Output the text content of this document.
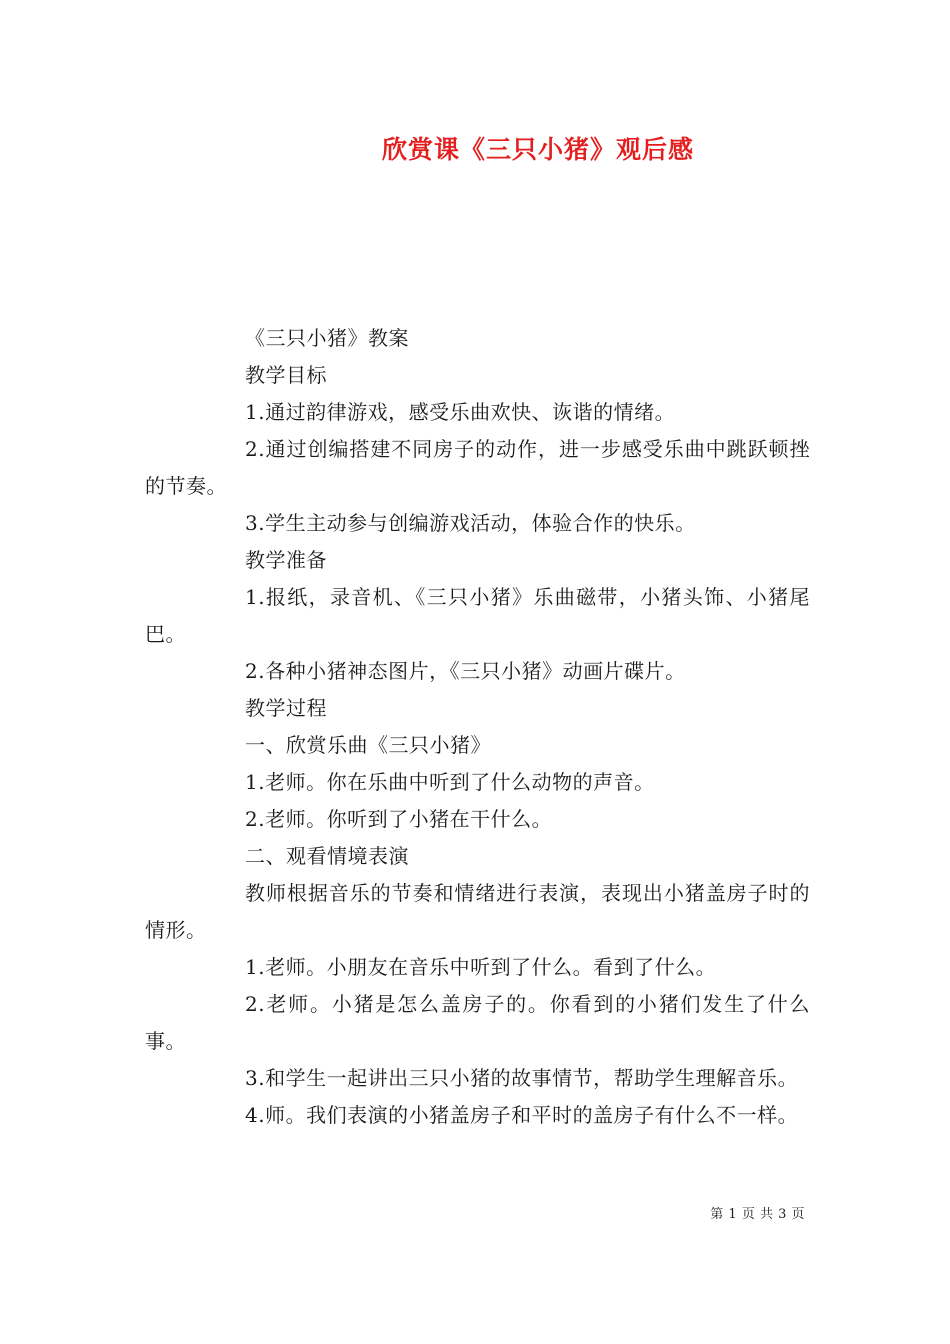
欣赏课《三只小猪》观后感

《三只小猪》教案

教学目标

1.通过韵律游戏，感受乐曲欢快、诙谐的情绪。

2.通过创编搭建不同房子的动作，进一步感受乐曲中跳跃顿挫的节奏。

3.学生主动参与创编游戏活动，体验合作的快乐。

教学准备

1.报纸，录音机、《三只小猪》乐曲磁带，小猪头饰、小猪尾巴。

2.各种小猪神态图片，《三只小猪》动画片碟片。

教学过程

一、欣赏乐曲《三只小猪》

1.老师。你在乐曲中听到了什么动物的声音。

2.老师。你听到了小猪在干什么。

二、观看情境表演

教师根据音乐的节奏和情绪进行表演，表现出小猪盖房子时的情形。

1.老师。小朋友在音乐中听到了什么。看到了什么。

2.老师。小猪是怎么盖房子的。你看到的小猪们发生了什么事。

3.和学生一起讲出三只小猪的故事情节，帮助学生理解音乐。

4.师。我们表演的小猪盖房子和平时的盖房子有什么不一样。

第 1 页 共 3 页
